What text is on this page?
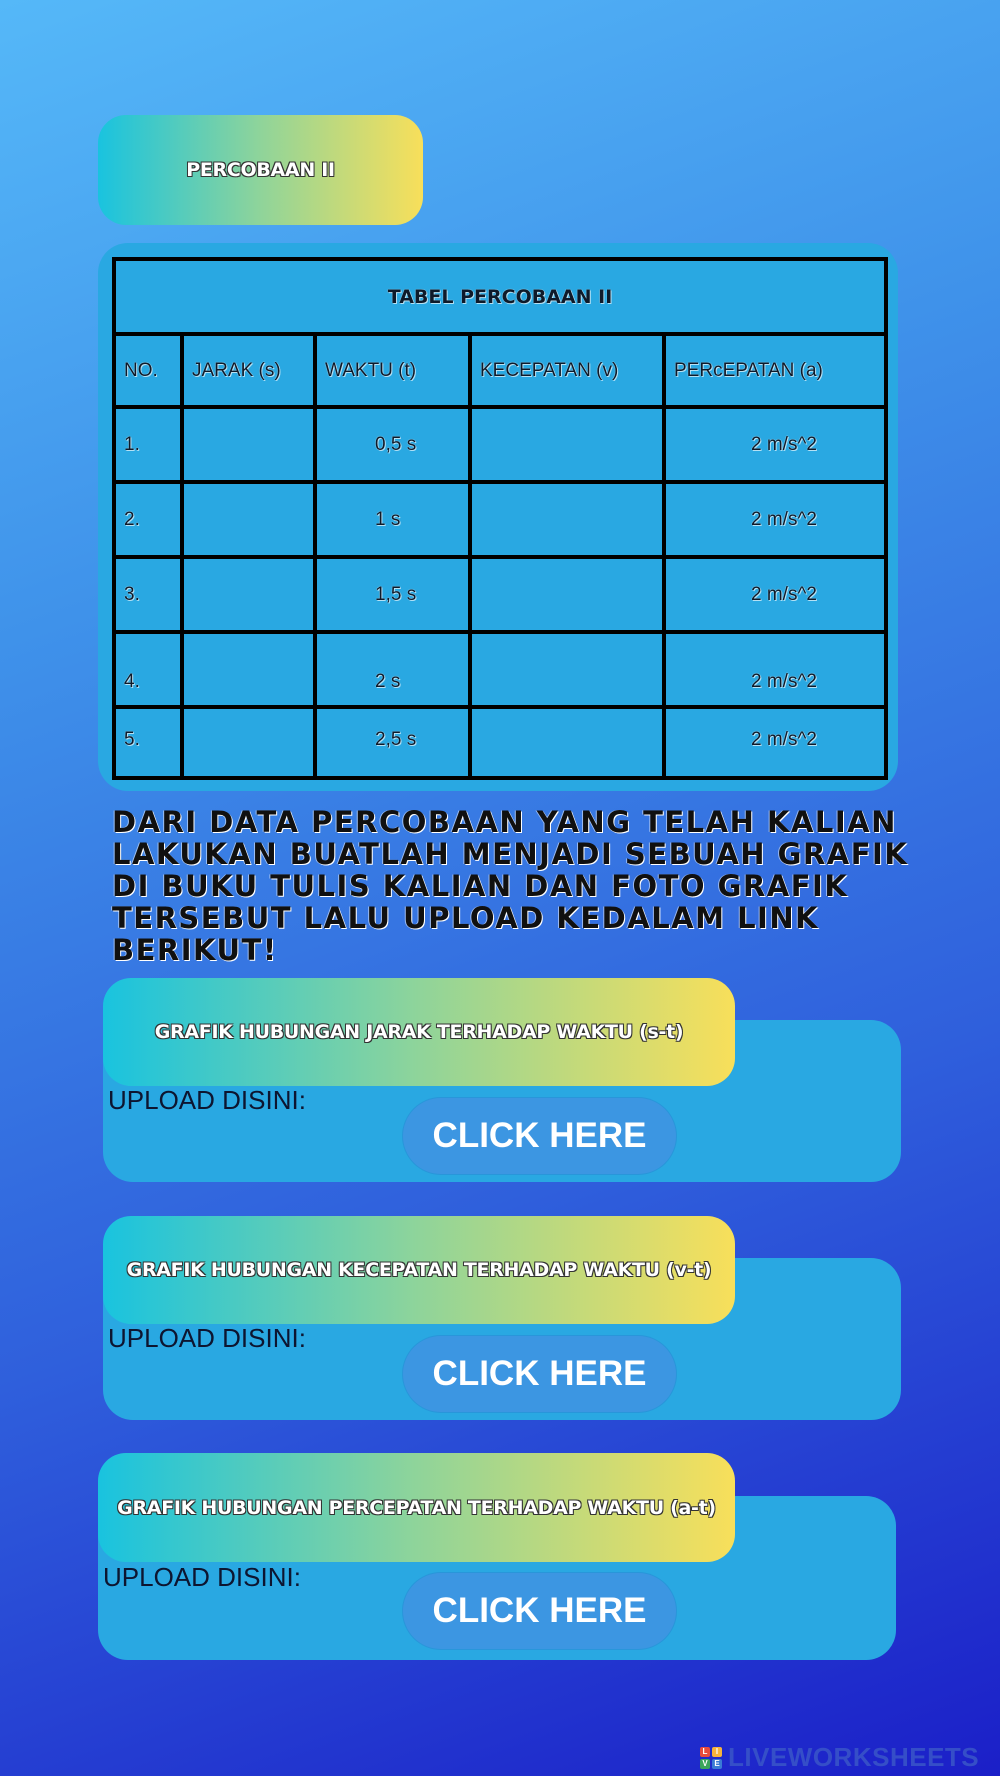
PERCOBAAN II
TABEL PERCOBAAN II				
NO.	JARAK (s)	WAKTU (t)	KECEPATAN (v)	PERcEPATAN (a)
1.		0,5 s		2 m/s^2
2.		1 s		2 m/s^2
3.		1,5 s		2 m/s^2
4.		2 s		2 m/s^2
5.		2,5 s		2 m/s^2

DARI DATA PERCOBAAN YANG TELAH KALIAN

LAKUKAN BUATLAH MENJADI SEBUAH GRAFIK

DI BUKU TULIS KALIAN DAN FOTO GRAFIK

TERSEBUT LALU UPLOAD KEDALAM LINK

BERIKUT!

GRAFIK HUBUNGAN JARAK TERHADAP WAKTU (s-t)
UPLOAD DISINI:
CLICK HERE
GRAFIK HUBUNGAN KECEPATAN TERHADAP WAKTU (v-t)
UPLOAD DISINI:
CLICK HERE
GRAFIK HUBUNGAN PERCEPATAN TERHADAP WAKTU (a-t)
UPLOAD DISINI:
CLICK HERE
L	I
V E LIVEWORKSHEETS
